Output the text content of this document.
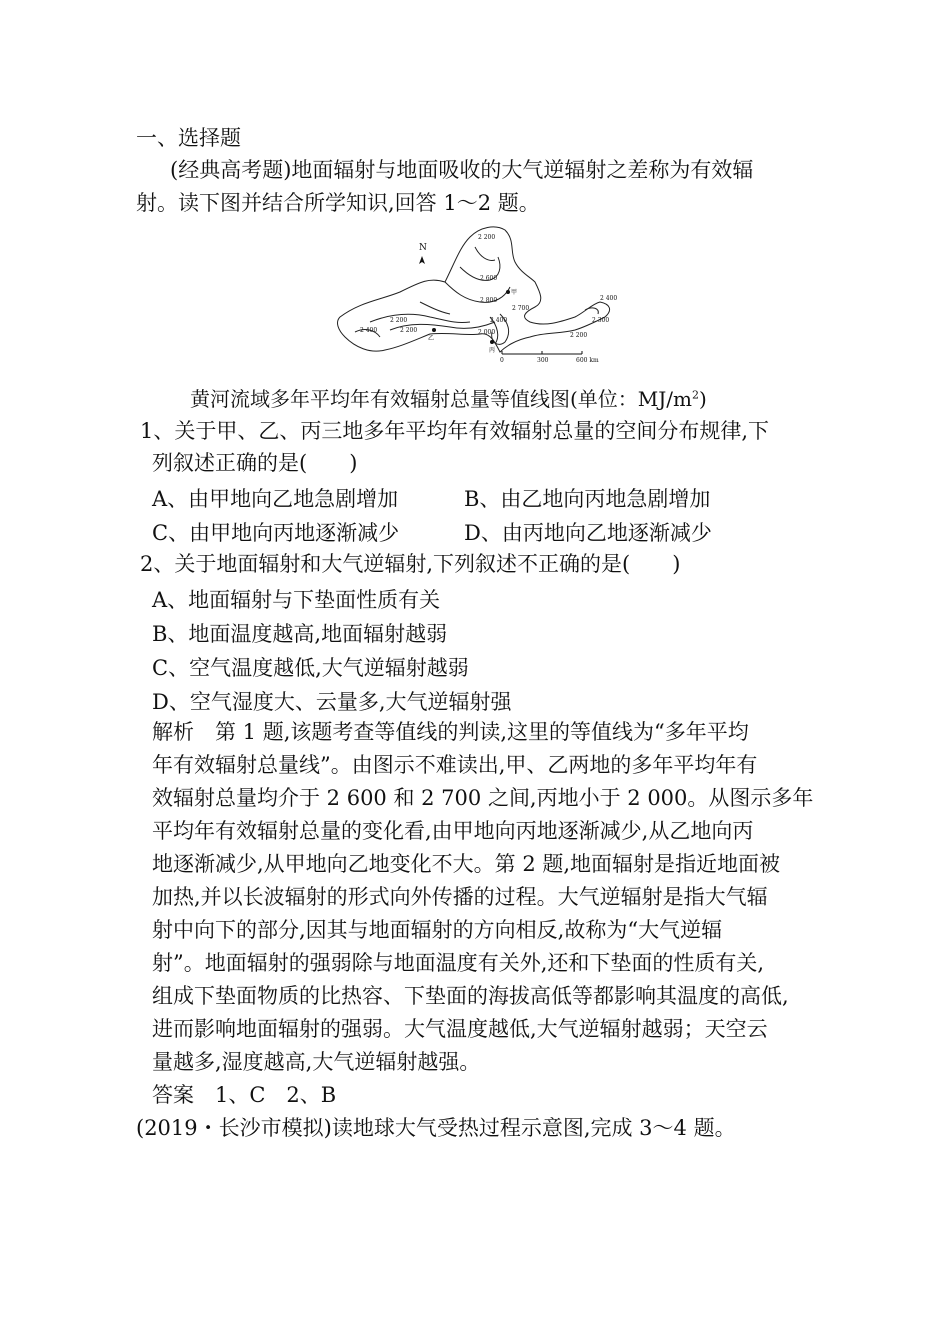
一、选择题
(经典高考题)地面辐射与地面吸收的大气逆辐射之差称为有效辐
射。读下图并结合所学知识,回答 1～2 题。
N
2 200
2 600
2 800
2 400
2 200
2 400	2 200	2 000
甲
乙
丙
2 400
2 200
2 300
2 700
0	300	600 km
黄河流域多年平均年有效辐射总量等值线图(单位：$MJ/m^2$)
1、关于甲、乙、丙三地多年平均年有效辐射总量的空间分布规律,下
列叙述正确的是(　　)
A、由甲地向乙地急剧增加	B、由乙地向丙地急剧增加
C、由甲地向丙地逐渐减少	D、由丙地向乙地逐渐减少
2、关于地面辐射和大气逆辐射,下列叙述不正确的是(　　)
A、地面辐射与下垫面性质有关
B、地面温度越高,地面辐射越弱
C、空气温度越低,大气逆辐射越弱
D、空气湿度大、云量多,大气逆辐射强
解析　第 1 题,该题考查等值线的判读,这里的等值线为“多年平均
年有效辐射总量线”。由图示不难读出,甲、乙两地的多年平均年有
效辐射总量均介于 2 600 和 2 700 之间,丙地小于 2 000。从图示多年
平均年有效辐射总量的变化看,由甲地向丙地逐渐减少,从乙地向丙
地逐渐减少,从甲地向乙地变化不大。第 2 题,地面辐射是指近地面被
加热,并以长波辐射的形式向外传播的过程。大气逆辐射是指大气辐
射中向下的部分,因其与地面辐射的方向相反,故称为“大气逆辐
射”。地面辐射的强弱除与地面温度有关外,还和下垫面的性质有关,
组成下垫面物质的比热容、下垫面的海拔高低等都影响其温度的高低,
进而影响地面辐射的强弱。大气温度越低,大气逆辐射越弱；天空云
量越多,湿度越高,大气逆辐射越强。
答案　1、C　2、B
(2019・长沙市模拟)读地球大气受热过程示意图,完成 3～4 题。
